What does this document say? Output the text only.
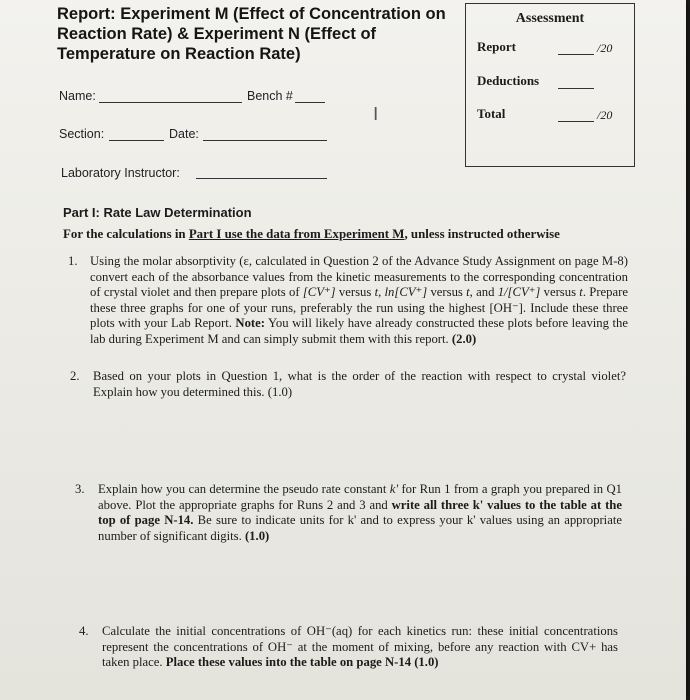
Report: Experiment M (Effect of Concentration on Reaction Rate) & Experiment N (Effect of Temperature on Reaction Rate)
Assessment
Report	/20
Deductions
Total	/20
Name:	Bench #
I
Section:	Date:
Laboratory Instructor:
Part I: Rate Law Determination
For the calculations in Part I use the data from Experiment M, unless instructed otherwise
1. Using the molar absorptivity (ε, calculated in Question 2 of the Advance Study Assignment on page M-8) convert each of the absorbance values from the kinetic measurements to the corresponding concentration of crystal violet and then prepare plots of [CV⁺] versus t, ln[CV⁺] versus t, and 1/[CV⁺] versus t. Prepare these three graphs for one of your runs, preferably the run using the highest [OH⁻]. Include these three plots with your Lab Report. Note: You will likely have already constructed these plots before leaving the lab during Experiment M and can simply submit them with this report. (2.0)
2. Based on your plots in Question 1, what is the order of the reaction with respect to crystal violet? Explain how you determined this. (1.0)
3. Explain how you can determine the pseudo rate constant k' for Run 1 from a graph you prepared in Q1 above. Plot the appropriate graphs for Runs 2 and 3 and write all three k' values to the table at the top of page N-14. Be sure to indicate units for k' and to express your k' values using an appropriate number of significant digits. (1.0)
4. Calculate the initial concentrations of OH⁻(aq) for each kinetics run: these initial concentrations represent the concentrations of OH⁻ at the moment of mixing, before any reaction with CV+ has taken place. Place these values into the table on page N-14 (1.0)
